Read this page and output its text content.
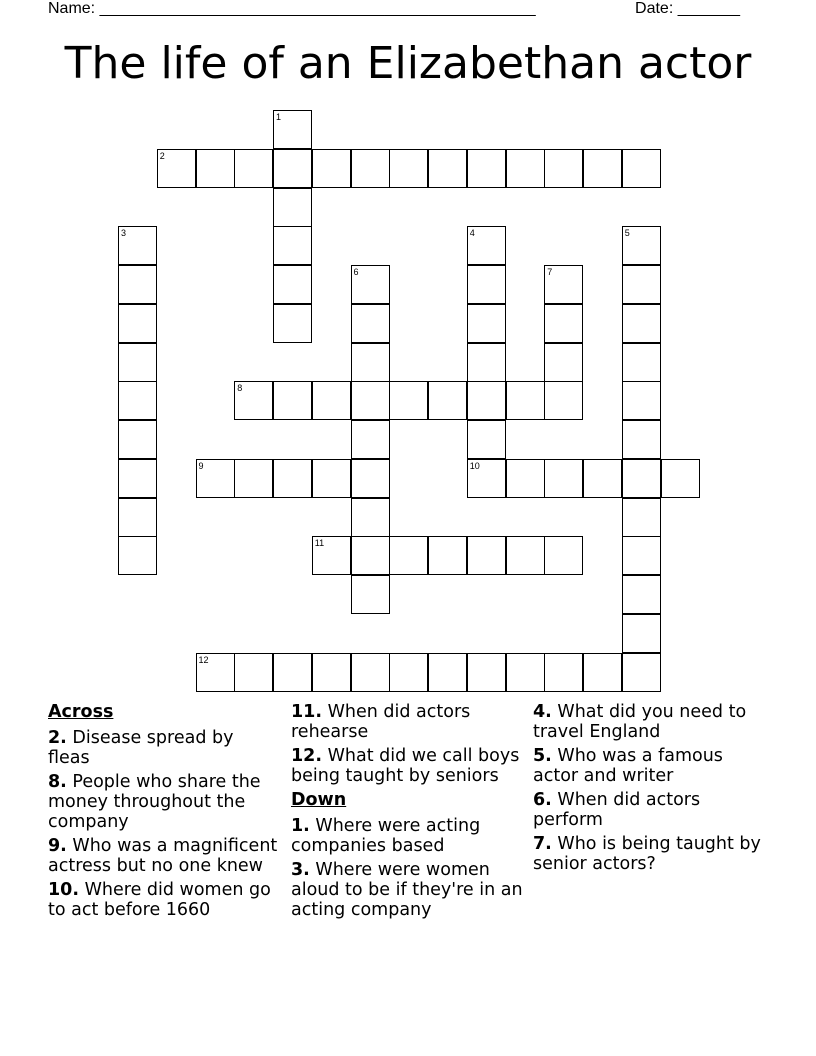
Name: _________________________________________________	Date: _______
The life of an Elizabethan actor
1
2
3	4
10
5
6	7
8
9
11
12
Across
2. Disease spread by fleas
8. People who share the money throughout the company
9. Who was a magnificent actress but no one knew
10. Where did women go to act before 1660
11. When did actors rehearse
12. What did we call boys being taught by seniors
Down
1. Where were acting companies based
3. Where were women aloud to be if they're in an acting company
4. What did you need to travel England
5. Who was a famous actor and writer
6. When did actors perform
7. Who is being taught by senior actors?
